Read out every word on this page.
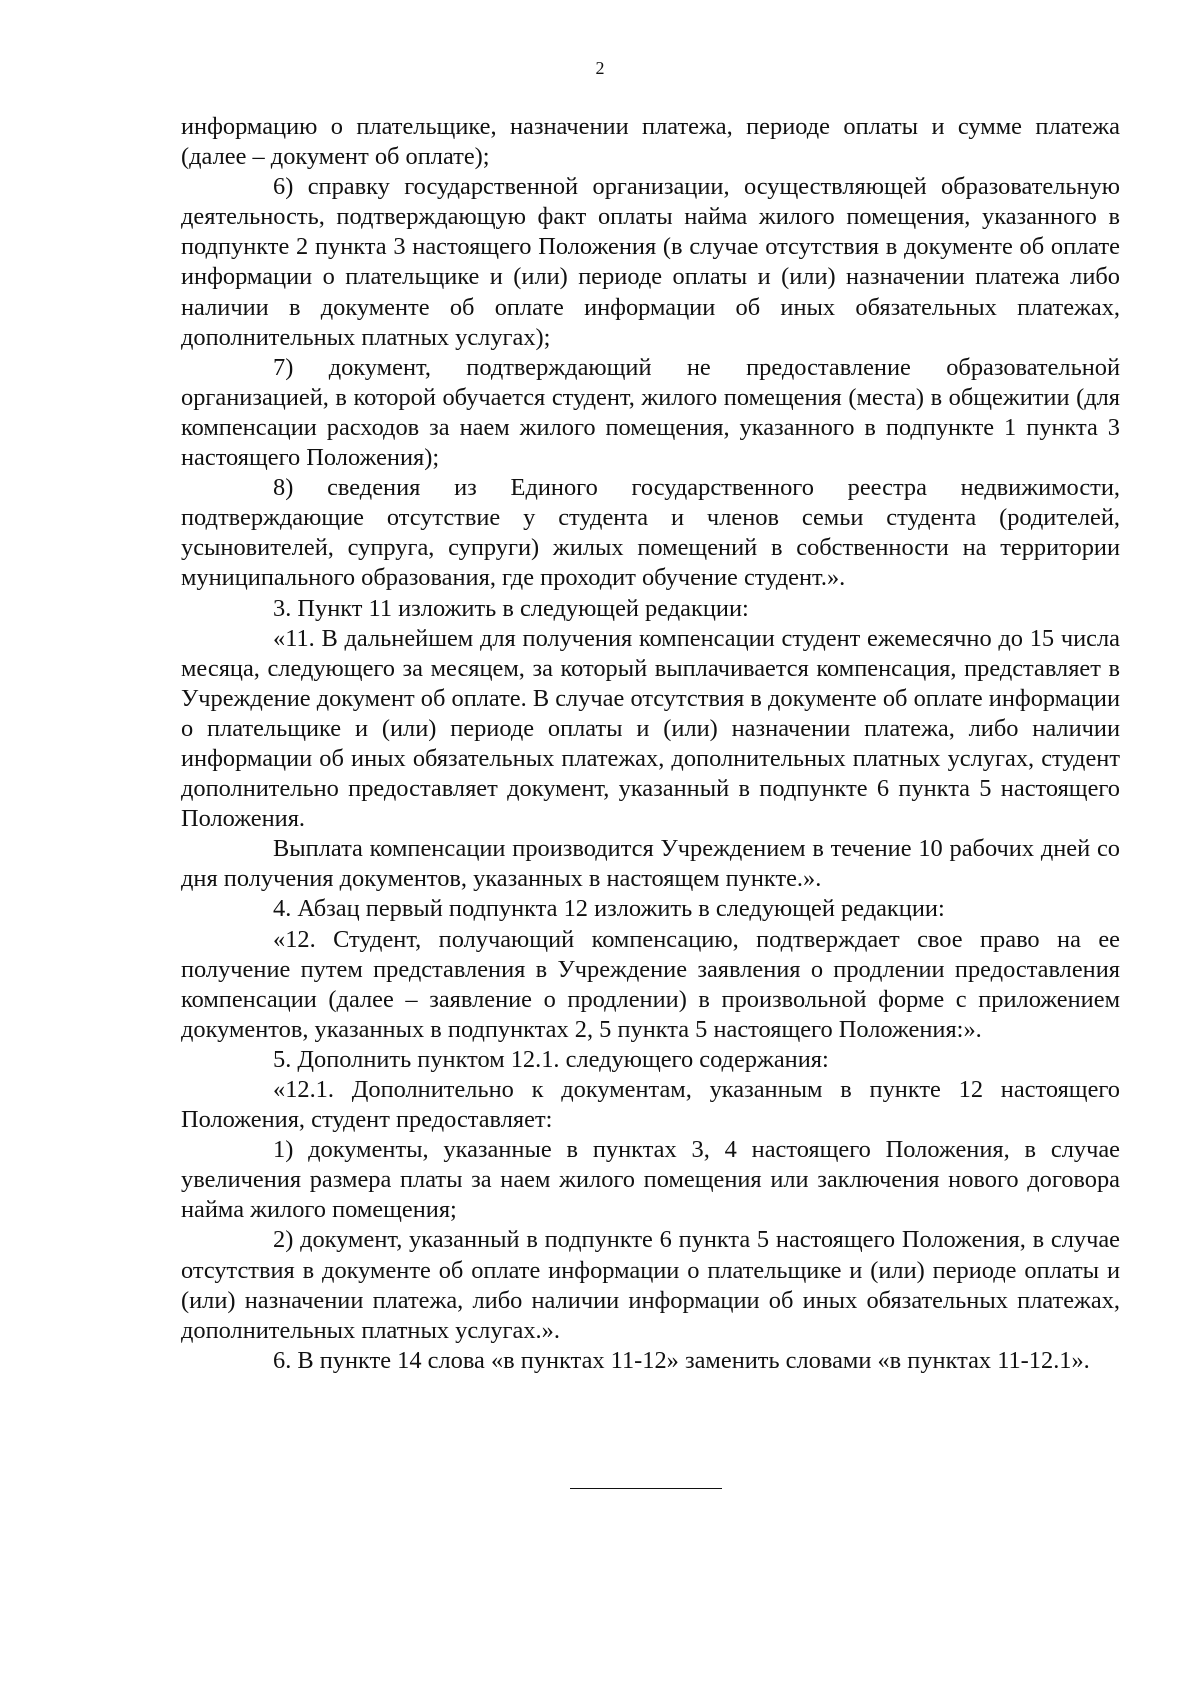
2

информацию о плательщике, назначении платежа, периоде оплаты и сумме платежа (далее – документ об оплате);

6) справку государственной организации, осуществляющей образовательную деятельность, подтверждающую факт оплаты найма жилого помещения, указанного в подпункте 2 пункта 3 настоящего Положения (в случае отсутствия в документе об оплате информации о плательщике и (или) периоде оплаты и (или) назначении платежа либо наличии в документе об оплате информации об иных обязательных платежах, дополнительных платных услугах);

7) документ, подтверждающий не предоставление образовательной организацией, в которой обучается студент, жилого помещения (места) в общежитии (для компенсации расходов за наем жилого помещения, указанного в подпункте 1 пункта 3 настоящего Положения);

8) сведения из Единого государственного реестра недвижимости, подтверждающие отсутствие у студента и членов семьи студента (родителей, усыновителей, супруга, супруги) жилых помещений в собственности на территории муниципального образования, где проходит обучение студент.».

3. Пункт 11 изложить в следующей редакции:

«11. В дальнейшем для получения компенсации студент ежемесячно до 15 числа месяца, следующего за месяцем, за который выплачивается компенсация, представляет в Учреждение документ об оплате. В случае отсутствия в документе об оплате информации о плательщике и (или) периоде оплаты и (или) назначении платежа, либо наличии информации об иных обязательных платежах, дополнительных платных услугах, студент дополнительно предоставляет документ, указанный в подпункте 6 пункта 5 настоящего Положения.

Выплата компенсации производится Учреждением в течение 10 рабочих дней со дня получения документов, указанных в настоящем пункте.».

4. Абзац первый подпункта 12 изложить в следующей редакции:

«12. Студент, получающий компенсацию, подтверждает свое право на ее получение путем представления в Учреждение заявления о продлении предоставления компенсации (далее – заявление о продлении) в произвольной форме с приложением документов, указанных в подпунктах 2, 5 пункта 5 настоящего Положения:».

5. Дополнить пунктом 12.1. следующего содержания:

«12.1. Дополнительно к документам, указанным в пункте 12 настоящего Положения, студент предоставляет:

1) документы, указанные в пунктах 3, 4 настоящего Положения, в случае увеличения размера платы за наем жилого помещения или заключения нового договора найма жилого помещения;

2) документ, указанный в подпункте 6 пункта 5 настоящего Положения, в случае отсутствия в документе об оплате информации о плательщике и (или) периоде оплаты и (или) назначении платежа, либо наличии информации об иных обязательных платежах, дополнительных платных услугах.».

6. В пункте 14 слова «в пунктах 11-12» заменить словами «в пунктах 11-12.1».
